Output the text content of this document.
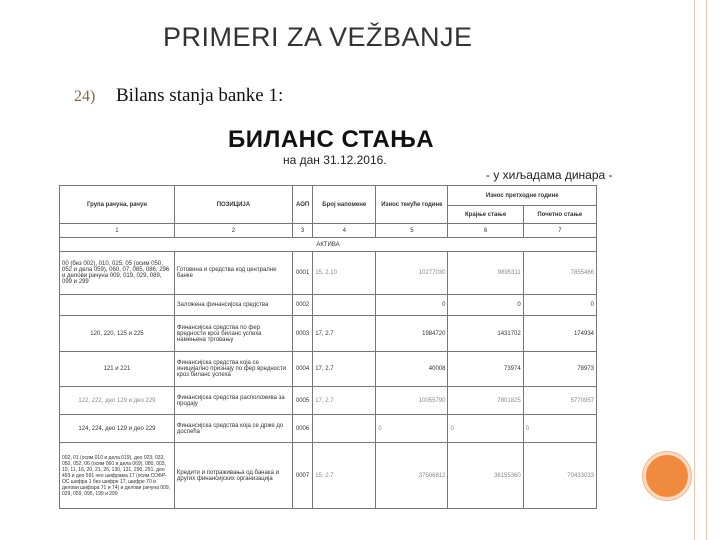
PRIMERI ZA VEŽBANJE
24) Bilans stanja banke 1:
БИЛАНС СТАЊА
на дан 31.12.2016.
- у хиљадама динара -
Група рачуна, рачун	ПОЗИЦИЈА	АОП	Број напомене	Износ текуће године	Износ претходне године	
					Крајње стање	Почетно стање
1	2	3	4	5	6	7
АКТИВА						
00 (без 002), 010, 025, 05 (осим 050, 052 и дела 059), 060, 07, 085, 086, 296 и делови рачуна 009, 019, 029, 089, 099 и 299	Готовина и средства код централне банке	0001	15, 2.10	10277030	9895311	7855466
	Заложена финансијска средства	0002		0	0	0
120, 220, 125 и 225	Финансијска средства по фер вредности кроз биланс успеха намењена трговању	0003	17, 2.7	1984720	1431702	174934
121 и 221	Финансијска средства која се иницијално признају по фер вредности кроз биланс успеха	0004	17, 2.7	40008	73974	78973
122, 222, део 129 и део 229	Финансијска средства расположива за продају	0005	17, 2.7	10055790	7801825	5770957
124, 224, део 129 и део 229	Финансијска средства која се држе до доспећа	0006		0	0	0
002, 01 (осим 010 и дела 019), део 023, 033, 050, 052, 06 (осим 060 и дела 069), 080, 003, 10, 11, 16, 20, 21, 26, 130, 131, 290, 291, део 493 и део 591 чео шифрама 17 (осим СОФР-ОС шифра 1 без шифре 17, шифре 70 и делови шифара 71 и 74) и делови рачуна 009, 029, 059, 095, 199 и 299	Кредити и потраживања од банака и других финансијских организација	0007	15, 2.7	37506812	36155360	70433033
